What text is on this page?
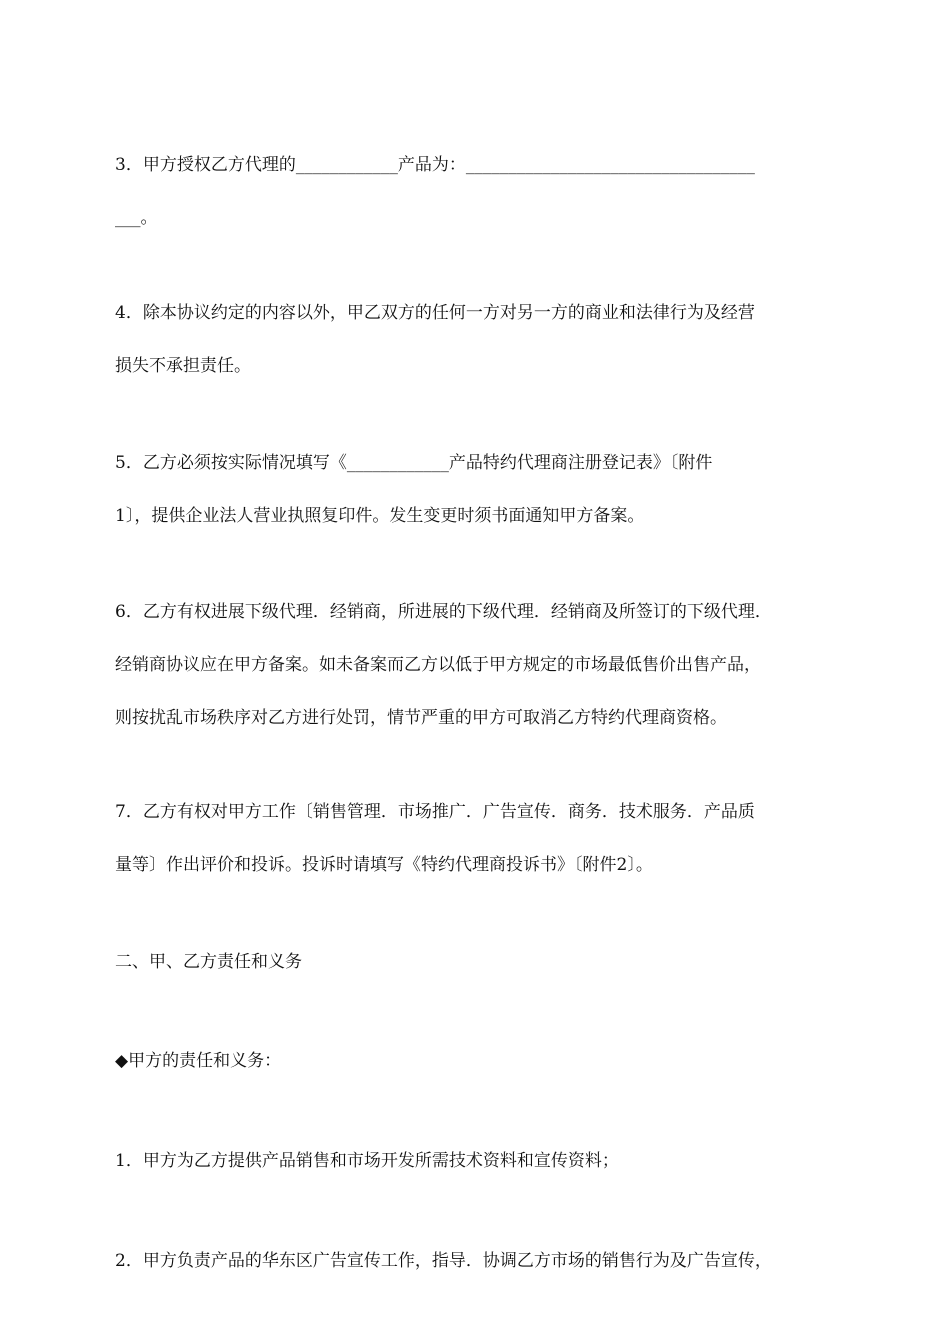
3．甲方授权乙方代理的____________产品为：__________________________________
___。
4．除本协议约定的内容以外，甲乙双方的任何一方对另一方的商业和法律行为及经营
损失不承担责任。
5．乙方必须按实际情况填写《____________产品特约代理商注册登记表》〔附件
1〕，提供企业法人营业执照复印件。发生变更时须书面通知甲方备案。
6．乙方有权进展下级代理．经销商，所进展的下级代理．经销商及所签订的下级代理．
经销商协议应在甲方备案。如未备案而乙方以低于甲方规定的市场最低售价出售产品，
则按扰乱市场秩序对乙方进行处罚，情节严重的甲方可取消乙方特约代理商资格。
7．乙方有权对甲方工作〔销售管理．市场推广．广告宣传．商务．技术服务．产品质
量等〕作出评价和投诉。投诉时请填写《特约代理商投诉书》〔附件2〕。
二、甲、乙方责任和义务
◆甲方的责任和义务：
1．甲方为乙方提供产品销售和市场开发所需技术资料和宣传资料；
2．甲方负责产品的华东区广告宣传工作，指导．协调乙方市场的销售行为及广告宣传，
